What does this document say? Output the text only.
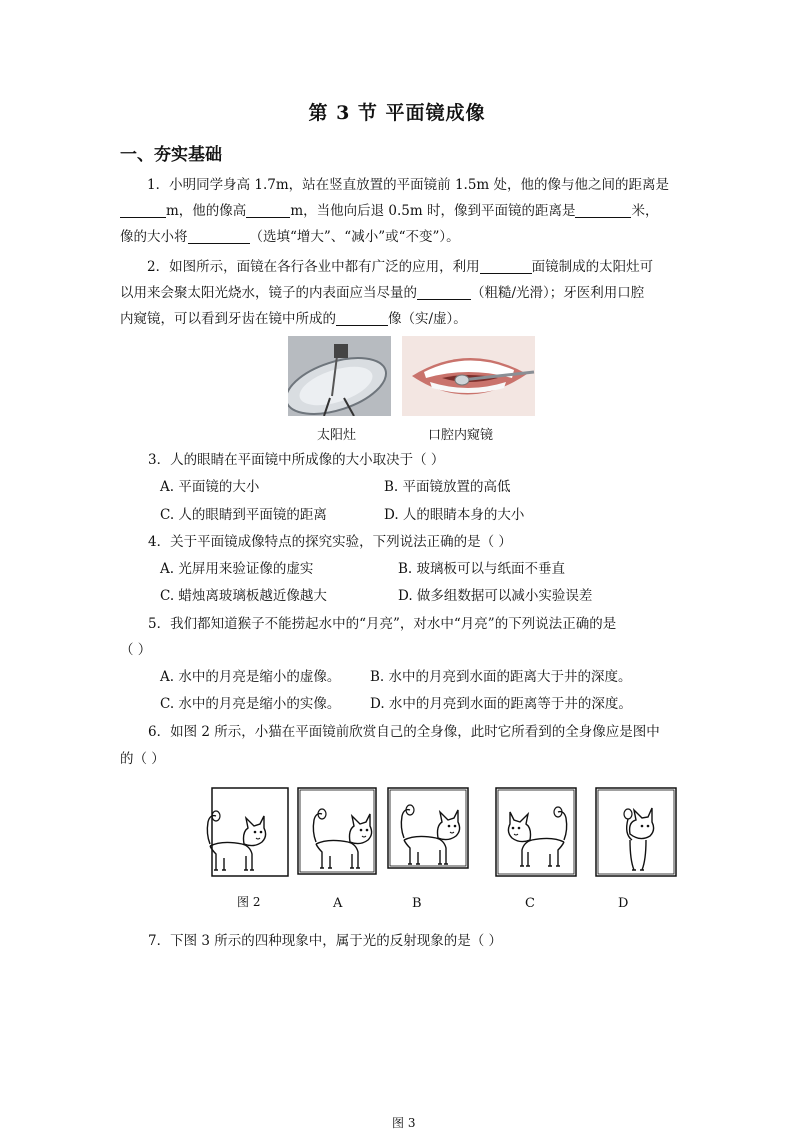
第 3 节 平面镜成像
一、夯实基础
1．小明同学身高 1.7m，站在竖直放置的平面镜前 1.5m 处，他的像与他之间的距离是m，他的像高	m，当他向后退 0.5m 时，像到平面镜的距离是	米，
像的大小将	（选填“增大”、“减小”或“不变”）。
2．如图所示，面镜在各行各业中都有广泛的应用，利用	面镜制成的太阳灶可
以用来会聚太阳光烧水，镜子的内表面应当尽量的	（粗糙/光滑）；牙医利用口腔
内窥镜，可以看到牙齿在镜中所成的	像（实/虚）。
太阳灶	口腔内窥镜
3．人的眼睛在平面镜中所成像的大小取决于（ ）
A. 平面镜的大小	B. 平面镜放置的高低
C. 人的眼睛到平面镜的距离	D. 人的眼睛本身的大小
4．关于平面镜成像特点的探究实验，下列说法正确的是（ ）
A. 光屏用来验证像的虚实	B. 玻璃板可以与纸面不垂直
C. 蜡烛离玻璃板越近像越大	D. 做多组数据可以减小实验误差
5．我们都知道猴子不能捞起水中的“月亮”，对水中“月亮”的下列说法正确的是
（ ）
A. 水中的月亮是缩小的虚像。 B. 水中的月亮到水面的距离大于井的深度。
C. 水中的月亮是缩小的实像。 D. 水中的月亮到水面的距离等于井的深度。
6．如图 2 所示，小猫在平面镜前欣赏自己的全身像，此时它所看到的全身像应是图中
的（ ）
图 2	A	B	C	D
7．下图 3 所示的四种现象中，属于光的反射现象的是（ ）
图 3
